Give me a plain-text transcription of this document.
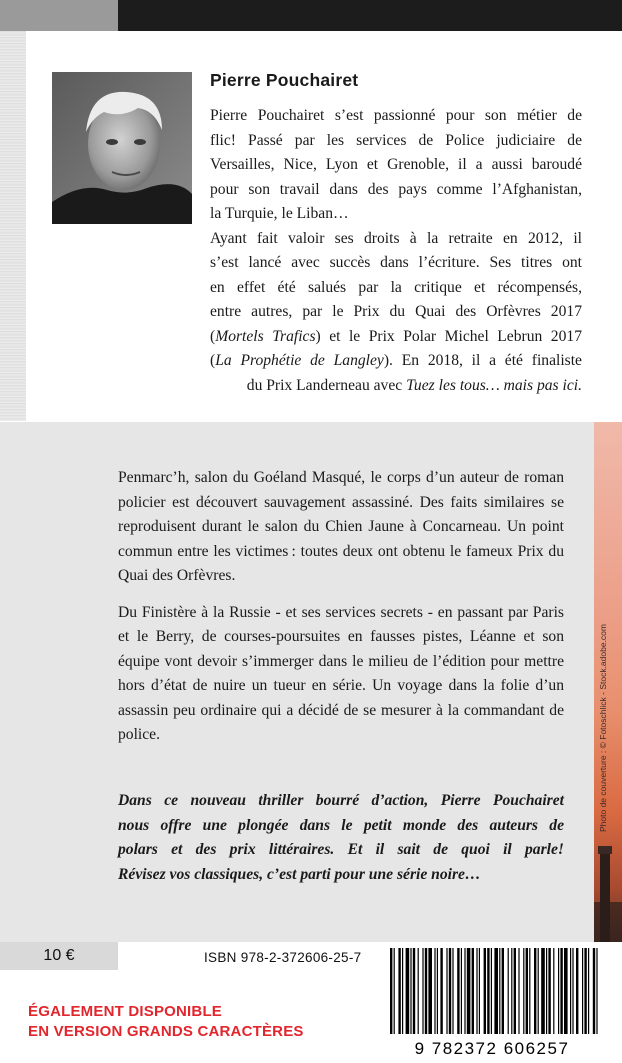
Pierre Pouchairet

Pierre Pouchairet s’est passionné pour son métier de

flic! Passé par les services de Police judiciaire de

Versailles, Nice, Lyon et Grenoble, il a aussi baroudé

pour son travail dans des pays comme l’Afghanistan,

la Turquie, le Liban…

Ayant fait valoir ses droits à la retraite en 2012, il

s’est lancé avec succès dans l’écriture. Ses titres ont

en effet été salués par la critique et récompensés,

entre autres, par le Prix du Quai des Orfèvres 2017

(Mortels Trafics) et le Prix Polar Michel Lebrun 2017

(La Prophétie de Langley). En 2018, il a été finaliste

du Prix Landerneau avec Tuez les tous… mais pas ici.

Photo de couverture : © Fotoschlick - Stock.adobe.com

Penmarc’h, salon du Goéland Masqué, le corps d’un auteur de roman policier est découvert sauvagement assassiné. Des faits similaires se reproduisent durant le salon du Chien Jaune à Concarneau. Un point commun entre les victimes : toutes deux ont obtenu le fameux Prix du Quai des Orfèvres.

Du Finistère à la Russie - et ses services secrets - en passant par Paris et le Berry, de courses-poursuites en fausses pistes, Léanne et son équipe vont devoir s’immerger dans le milieu de l’édition pour mettre hors d’état de nuire un tueur en série. Un voyage dans la folie d’un assassin peu ordinaire qui a décidé de se mesurer à la commandant de police.

Dans ce nouveau thriller bourré d’action, Pierre Pouchairet

nous offre une plongée dans le petit monde des auteurs de

polars et des prix littéraires. Et il sait de quoi il parle!

Révisez vos classiques, c’est parti pour une série noire…

10 €	ISBN 978-2-372606-25-7
9 782372 606257
ÉGALEMENT DISPONIBLE
EN VERSION GRANDS CARACTÈRES
